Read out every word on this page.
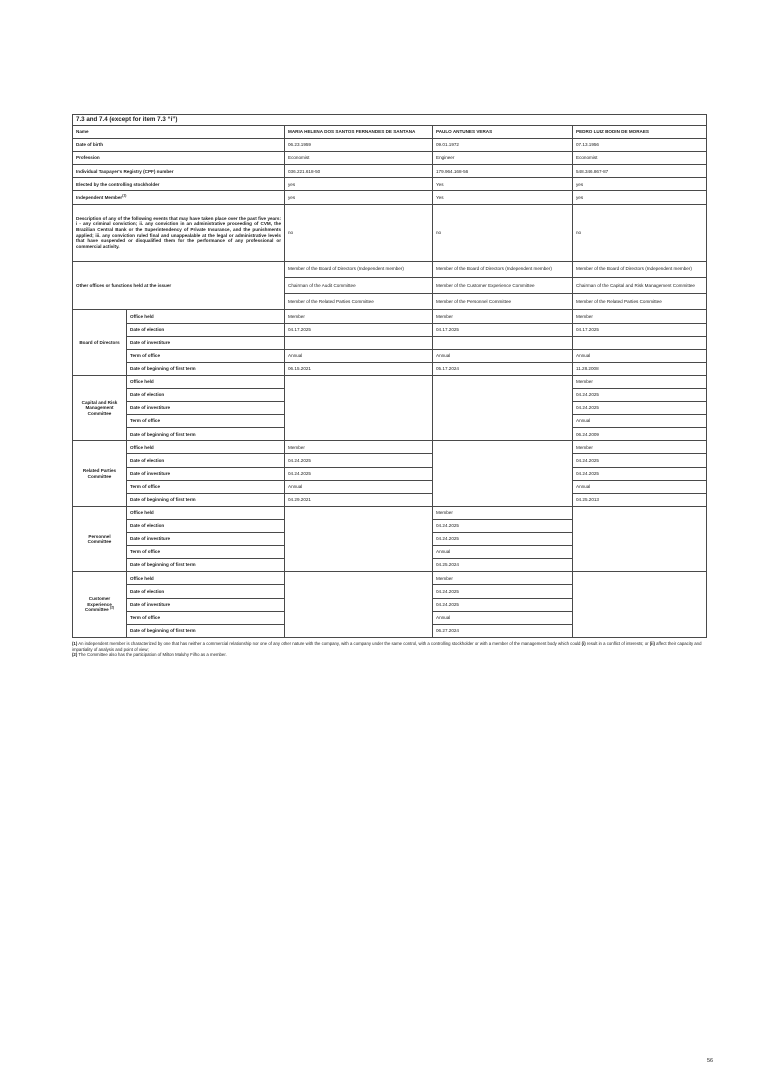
7.3 and 7.4 (except for item 7.3 “i”)				
Name		MARIA HELENA DOS SANTOS FERNANDES DE SANTANA	PAULO ANTUNES VERAS	PEDRO LUIZ BODIN DE MORAES
Date of birth		06.23.1959	09.01.1972	07.13.1956
Profession		Economist	Engineer	Economist
Individual Taxpayer's Registry (CPF) number		036.221.618-50	179.964.168-56	548.346.867-87
Elected by the controlling stockholder		yes	Yes	yes
Independent Member$^{(1)}$		yes	Yes	yes
Description of any of the following events that may have taken place over the past five years: i - any criminal conviction; ii. any conviction in an administrative proceeding of CVM, the Brazilian Central Bank or the Superintendency of Private Insurance, and the punishments applied; iii. any conviction ruled final and unappealable at the legal or administrative levels that have suspended or disqualified them for the performance of any professional or commercial activity.		no	no	no
Other offices or functions held at the issuer		Member of the Board of Directors (Independent member)	Member of the Board of Directors (Independent member)	Member of the Board of Directors (Independent member)
		Chairman of the Audit Committee	Member of the Customer Experience Committee	Chairman of the Capital and Risk Management Committee
		Member of the Related Parties Committee	Member of the Personnel Committee	Member of the Related Parties Committee
Board of Directors	Office held	Member	Member	Member
	Date of election	04.17.2025	04.17.2025	04.17.2025
	Date of investiture			
	Term of office	Annual	Annual	Annual
	Date of beginning of first term	06.15.2021	05.17.2024	11.28.2008
Capital and Risk Management Committee	Office held			Member
	Date of election			04.24.2025
	Date of investiture			04.24.2025
	Term of office			Annual
	Date of beginning of first term			06.24.2009
Related Parties Committee	Office held	Member		Member
	Date of election	04.24.2025		04.24.2025
	Date of investiture	04.24.2025		04.24.2025
	Term of office	Annual		Annual
	Date of beginning of first term	04.29.2021		04.25.2013
Personnel Committee	Office held		Member	
	Date of election		04.24.2025	
	Date of investiture		04.24.2025	
	Term of office		Annual	
	Date of beginning of first term		04.25.2024	
Customer Experience Committee $^{(2)}$	Office held		Member	
	Date of election		04.24.2025	
	Date of investiture		04.24.2025	
	Term of office		Annual	
	Date of beginning of first term		06.27.2024	
(1) An independent member is characterized by one that has neither a commercial relationship nor one of any other nature with the company, with a company under the same control, with a controlling stockholder or with a member of the management body which could (i) result in a conflict of interests; or (ii) affect their capacity and impartiality of analysis and point of view;
(2) The Committee also has the participation of Milton Maluhy Filho as a member.
56
